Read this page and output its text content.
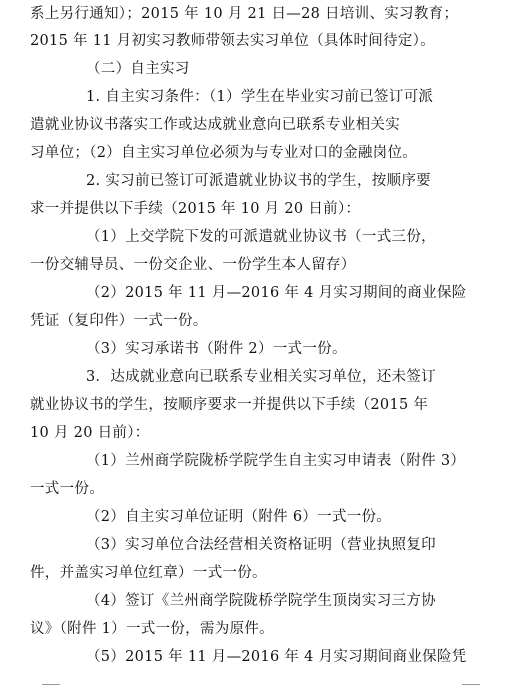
系上另行通知）；2015 年 10 月 21 日—28 日培训、实习教育；
2015 年 11 月初实习教师带领去实习单位（具体时间待定）。
（二）自主实习
1. 自主实习条件：（1）学生在毕业实习前已签订可派
遣就业协议书落实工作或达成就业意向已联系专业相关实
习单位；（2）自主实习单位必须为与专业对口的金融岗位。
2. 实习前已签订可派遣就业协议书的学生，按顺序要
求一并提供以下手续（2015 年 10 月 20 日前）：
（1）上交学院下发的可派遣就业协议书（一式三份，
一份交辅导员、一份交企业、一份学生本人留存）
（2）2015 年 11 月—2016 年 4 月实习期间的商业保险
凭证（复印件）一式一份。
（3）实习承诺书（附件 2）一式一份。
3．达成就业意向已联系专业相关实习单位，还未签订
就业协议书的学生，按顺序要求一并提供以下手续（2015 年
10 月 20 日前）：
（1）兰州商学院陇桥学院学生自主实习申请表（附件 3）
一式一份。
（2）自主实习单位证明（附件 6）一式一份。
（3）实习单位合法经营相关资格证明（营业执照复印
件，并盖实习单位红章）一式一份。
（4）签订《兰州商学院陇桥学院学生顶岗实习三方协
议》（附件 1）一式一份，需为原件。
（5）2015 年 11 月—2016 年 4 月实习期间商业保险凭
